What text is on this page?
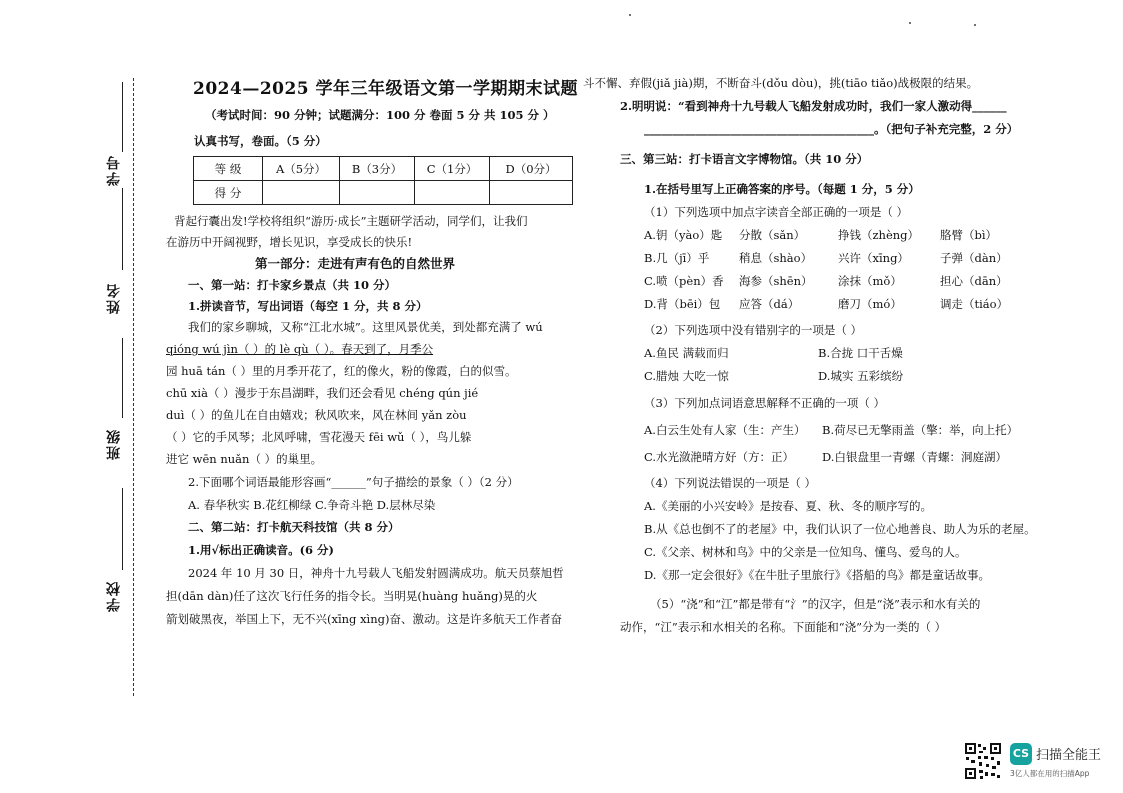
学号
姓名
班级
学校
2024—2025 学年三年级语文第一学期期末试题
（考试时间：90 分钟；试题满分：100 分 卷面 5 分 共 105 分 ）
认真书写，卷面。（5 分）
等 级	A（5分）	B（3分）	C（1分）	D（0分）
得 分				
背起行囊出发!学校将组织“游历·成长”主题研学活动，同学们，让我们
在游历中开阔视野，增长见识，享受成长的快乐!
第一部分：走进有声有色的自然世界
一、第一站：打卡家乡景点（共 10 分）
1.拼读音节，写出词语（每空 1 分，共 8 分）
我们的家乡聊城，又称“江北水城”。这里风景优美，到处都充满了 wú
qióng wú jìn（ ）的 lè qù（ ）。春天到了，月季公
园 huā tán（ ）里的月季开花了，红的像火，粉的像霞，白的似雪。
chū xià（ ）漫步于东昌湖畔，我们还会看见 chéng qún jié
duì（ ）的鱼儿在自由嬉戏；秋风吹来，风在林间 yǎn zòu
（ ）它的手风琴；北风呼啸，雪花漫天 fēi wǔ（ ），鸟儿躲
进它 wēn nuǎn（ ）的巢里。
2.下面哪个词语最能形容画“______”句子描绘的景象（ ）（2 分）
A. 春华秋实 B.花红柳绿 C.争奇斗艳 D.层林尽染
二、第二站：打卡航天科技馆（共 8 分）
1.用√标出正确读音。(6 分)
2024 年 10 月 30 日，神舟十九号载人飞船发射圆满成功。航天员蔡旭哲
担(dān dàn)任了这次飞行任务的指令长。当明晃(huàng huǎng)晃的火
箭划破黑夜，举国上下，无不兴(xīng xìng)奋、激动。这是许多航天工作者奋
斗不懈、弃假(jiǎ jià)期，不断奋斗(dǒu dòu)，挑(tiāo tiǎo)战极限的结果。
2.明明说：“看到神舟十九号载人飞船发射成功时，我们一家人激动得______
________________________________________。（把句子补充完整，2 分）
三、第三站：打卡语言文字博物馆。（共 10 分）
1.在括号里写上正确答案的序号。（每题 1 分，5 分）
（1）下列选项中加点字读音全部正确的一项是（ ）
A.钥（yào）匙 分散（sǎn）	挣钱（zhèng） 胳臂（bì）
B.几（jī）乎	稍息（shào） 兴许（xīng）	子弹（dàn）
C.喷（pèn）香 海参（shēn） 涂抹（mǒ）	担心（dān）
D.背（bēi）包 应答（dá）	磨刀（mó）	调走（tiáo）
（2）下列选项中没有错别字的一项是（ ）
A.鱼民 满载而归	B.合拢 口干舌燥
C.腊烛 大吃一惊	D.城实 五彩缤纷
（3）下列加点词语意思解释不正确的一项（ ）
A.白云生处有人家（生：产生） B.荷尽已无擎雨盖（擎：举，向上托）
C.水光潋滟晴方好（方：正） D.白银盘里一青螺（青螺：洞庭湖）
（4）下列说法错误的一项是（ ）
A.《美丽的小兴安岭》是按春、夏、秋、冬的顺序写的。
B.从《总也倒不了的老屋》中，我们认识了一位心地善良、助人为乐的老屋。
C.《父亲、树林和鸟》中的父亲是一位知鸟、懂鸟、爱鸟的人。
D.《那一定会很好》《在牛肚子里旅行》《搭船的鸟》都是童话故事。
（5）“浇”和“江”都是带有“氵”的汉字，但是“浇”表示和水有关的
动作，“江”表示和水相关的名称。下面能和“浇”分为一类的（ ）
CS 扫描全能王
3亿人都在用的扫描App
